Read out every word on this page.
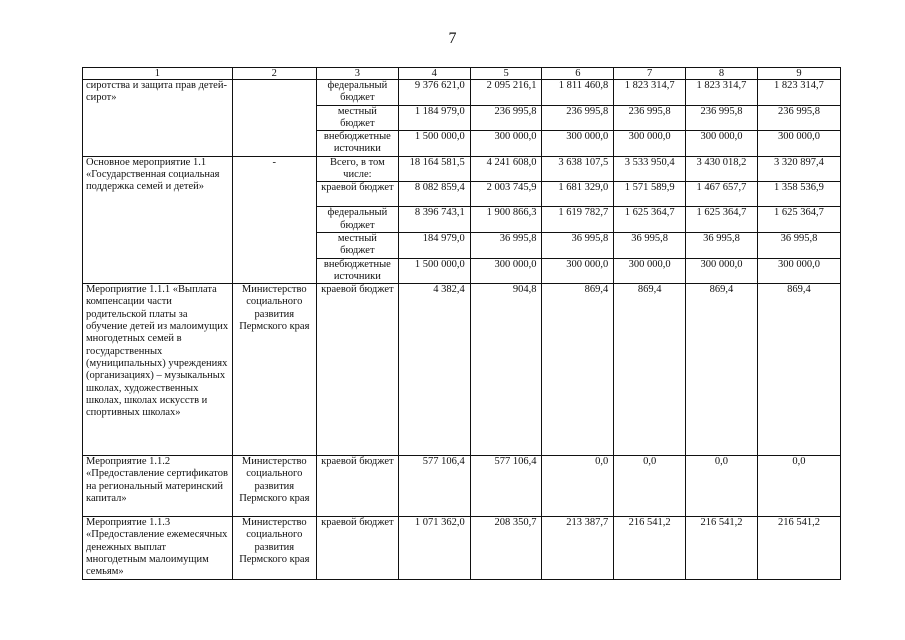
7
1	2	3	4	5	6	7	8	9
сиротства и защита прав детей-сирот»		федеральный бюджет	9 376 621,0	2 095 216,1	1 811 460,8	1 823 314,7	1 823 314,7	1 823 314,7
		местный бюджет	1 184 979,0	236 995,8	236 995,8	236 995,8	236 995,8	236 995,8
		внебюджетные источники	1 500 000,0	300 000,0	300 000,0	300 000,0	300 000,0	300 000,0
Основное мероприятие 1.1 «Государственная социальная поддержка семей и детей»	-	Всего, в том числе:	18 164 581,5	4 241 608,0	3 638 107,5	3 533 950,4	3 430 018,2	3 320 897,4
		краевой бюджет	8 082 859,4	2 003 745,9	1 681 329,0	1 571 589,9	1 467 657,7	1 358 536,9
		федеральный бюджет	8 396 743,1	1 900 866,3	1 619 782,7	1 625 364,7	1 625 364,7	1 625 364,7
		местный бюджет	184 979,0	36 995,8	36 995,8	36 995,8	36 995,8	36 995,8
		внебюджетные источники	1 500 000,0	300 000,0	300 000,0	300 000,0	300 000,0	300 000,0
Мероприятие 1.1.1 «Выплата компенсации части родительской платы за обучение детей из малоимущих многодетных семей в государственных (муниципальных) учреждениях (организациях) – музыкальных школах, художественных школах, школах искусств и спортивных школах»	Министерство социального развития Пермского края	краевой бюджет	4 382,4	904,8	869,4	869,4	869,4	869,4
Мероприятие 1.1.2 «Предоставление сертификатов на региональный материнский капитал»	Министерство социального развития Пермского края	краевой бюджет	577 106,4	577 106,4	0,0	0,0	0,0	0,0
Мероприятие 1.1.3 «Предоставление ежемесячных денежных выплат многодетным малоимущим семьям»	Министерство социального развития Пермского края	краевой бюджет	1 071 362,0	208 350,7	213 387,7	216 541,2	216 541,2	216 541,2
